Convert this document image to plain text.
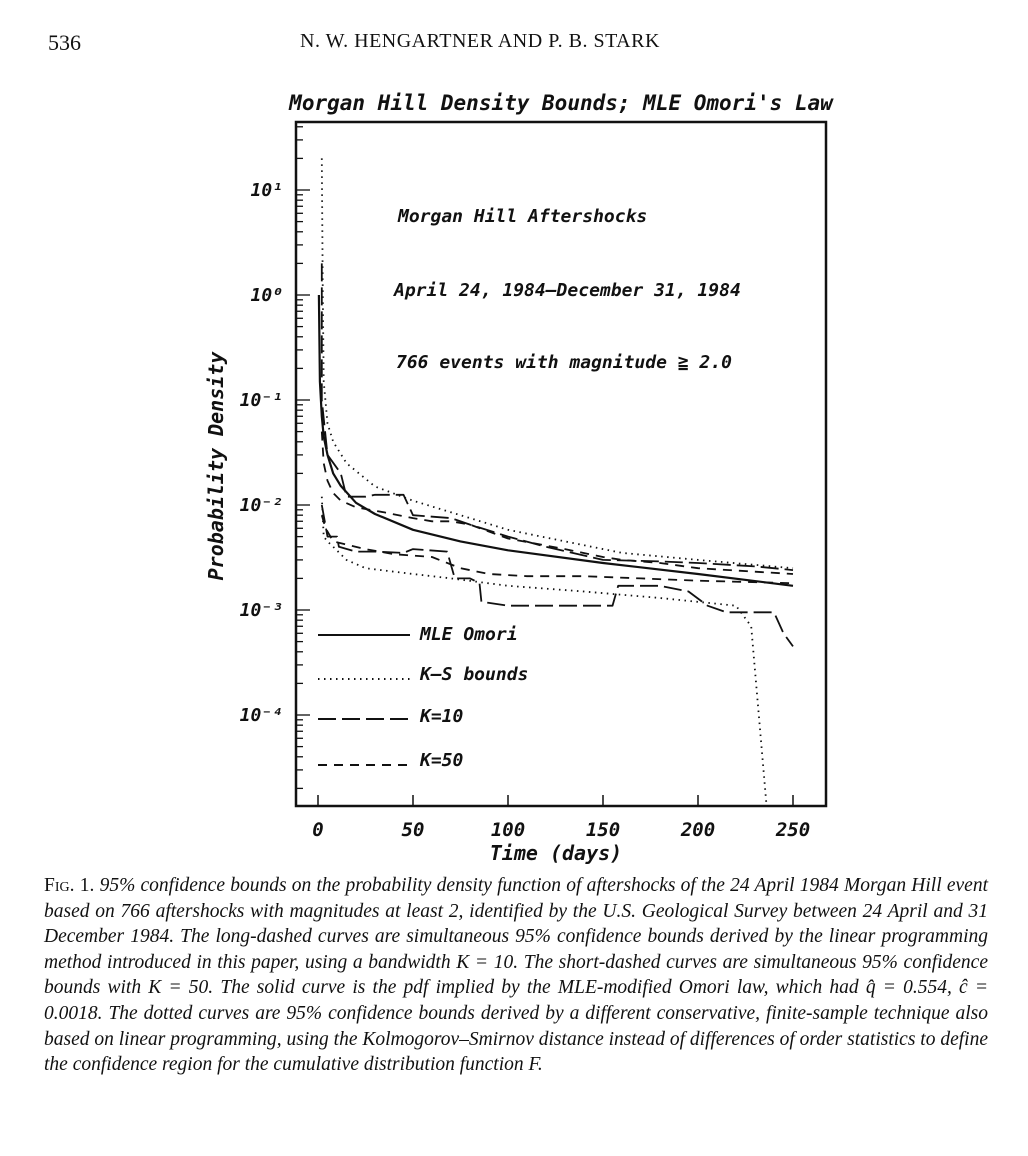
536	N. W. HENGARTNER AND P. B. STARK
Morgan Hill Density Bounds; MLE Omori's Law
10¹
10⁰
10⁻¹
10⁻²
10⁻³
10⁻⁴
0	50	100	150	200	250
Probability Density
Time (days)
Morgan Hill Aftershocks
April 24, 1984–December 31, 1984
766 events with magnitude ≧ 2.0
MLE Omori
K–S bounds
K=10
K=50
Fig. 1. 95% confidence bounds on the probability density function of aftershocks of the 24 April 1984 Morgan Hill event based on 766 aftershocks with magnitudes at least 2, identified by the U.S. Geological Survey between 24 April and 31 December 1984. The long-dashed curves are simultaneous 95% confidence bounds derived by the linear programming method introduced in this paper, using a bandwidth K = 10. The short-dashed curves are simultaneous 95% confidence bounds with K = 50. The solid curve is the pdf implied by the MLE-modified Omori law, which had q̂ = 0.554, ĉ = 0.0018. The dotted curves are 95% confidence bounds derived by a different conservative, finite-sample technique also based on linear programming, using the Kolmogorov–Smirnov distance instead of differences of order statistics to define the confidence region for the cumulative distribution function F.
